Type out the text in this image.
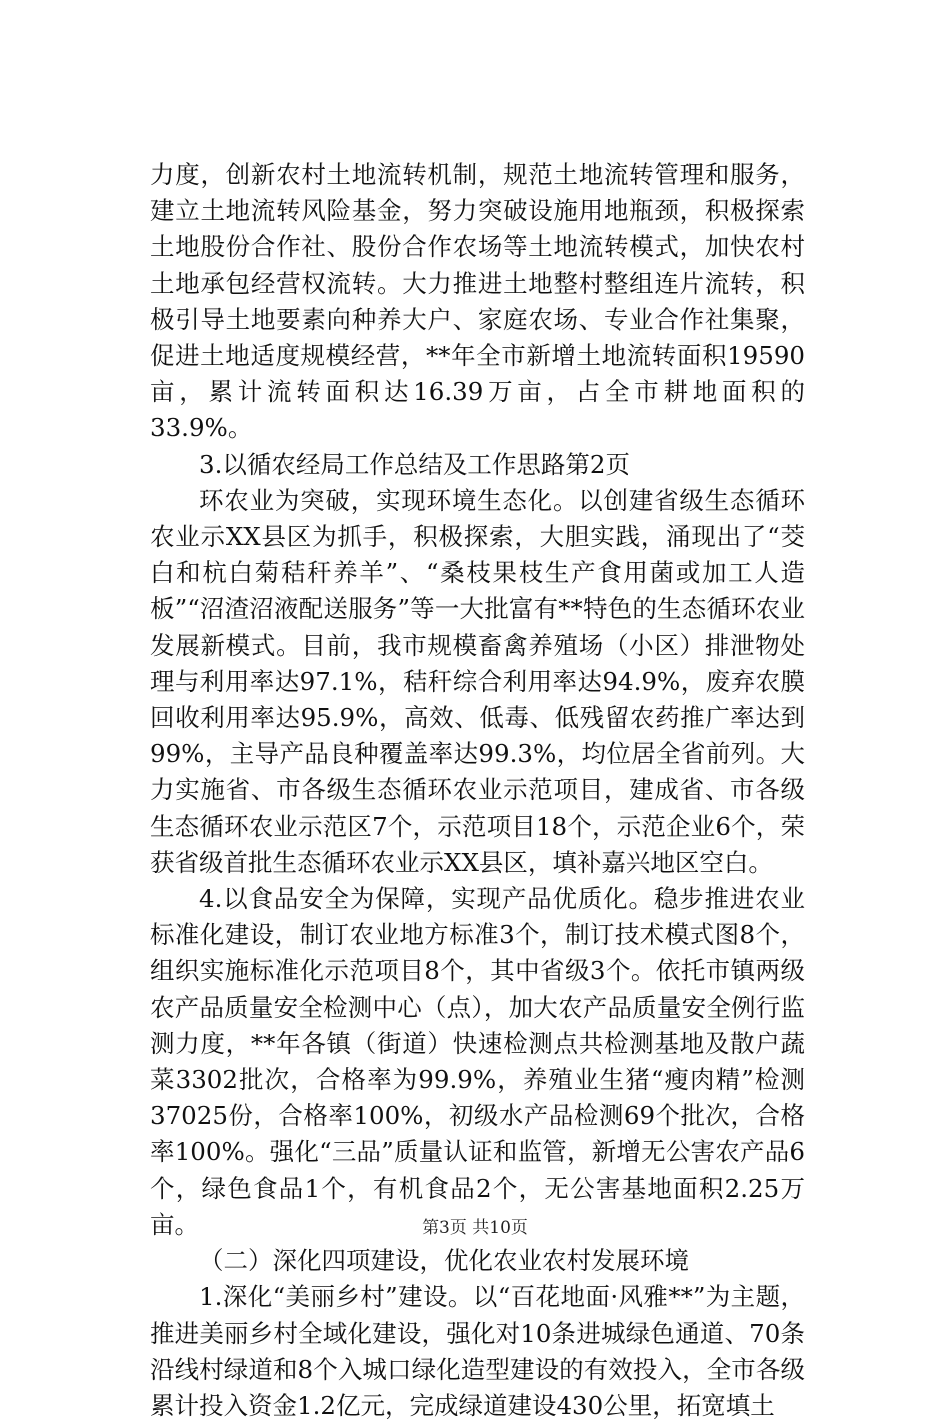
力度，创新农村土地流转机制，规范土地流转管理和服务，建立土地流转风险基金，努力突破设施用地瓶颈，积极探索土地股份合作社、股份合作农场等土地流转模式，加快农村土地承包经营权流转。大力推进土地整村整组连片流转，积极引导土地要素向种养大户、家庭农场、专业合作社集聚，促进土地适度规模经营，**年全市新增土地流转面积19590亩，累计流转面积达16.39万亩，占全市耕地面积的33.9%。

3.以循农经局工作总结及工作思路第2页

环农业为突破，实现环境生态化。以创建省级生态循环农业示XX县区为抓手，积极探索，大胆实践，涌现出了“茭白和杭白菊秸秆养羊”、“桑枝果枝生产食用菌或加工人造板”“沼渣沼液配送服务”等一大批富有**特色的生态循环农业发展新模式。目前，我市规模畜禽养殖场（小区）排泄物处理与利用率达97.1%，秸秆综合利用率达94.9%，废弃农膜回收利用率达95.9%，高效、低毒、低残留农药推广率达到99%，主导产品良种覆盖率达99.3%，均位居全省前列。大力实施省、市各级生态循环农业示范项目，建成省、市各级生态循环农业示范区7个，示范项目18个，示范企业6个，荣获省级首批生态循环农业示XX县区，填补嘉兴地区空白。

4.以食品安全为保障，实现产品优质化。稳步推进农业标准化建设，制订农业地方标准3个，制订技术模式图8个，组织实施标准化示范项目8个，其中省级3个。依托市镇两级农产品质量安全检测中心（点），加大农产品质量安全例行监测力度，**年各镇（街道）快速检测点共检测基地及散户蔬菜3302批次，合格率为99.9%，养殖业生猪“瘦肉精”检测37025份，合格率100%，初级水产品检测69个批次，合格率100%。强化“三品”质量认证和监管，新增无公害农产品6个，绿色食品1个，有机食品2个，无公害基地面积2.25万亩。

（二）深化四项建设，优化农业农村发展环境

1.深化“美丽乡村”建设。以“百花地面·风雅**”为主题，推进美丽乡村全域化建设，强化对10条进城绿色通道、70条沿线村绿道和8个入城口绿化造型建设的有效投入，全市各级累计投入资金1.2亿元，完成绿道建设430公里，拓宽填土

第3页 共10页
